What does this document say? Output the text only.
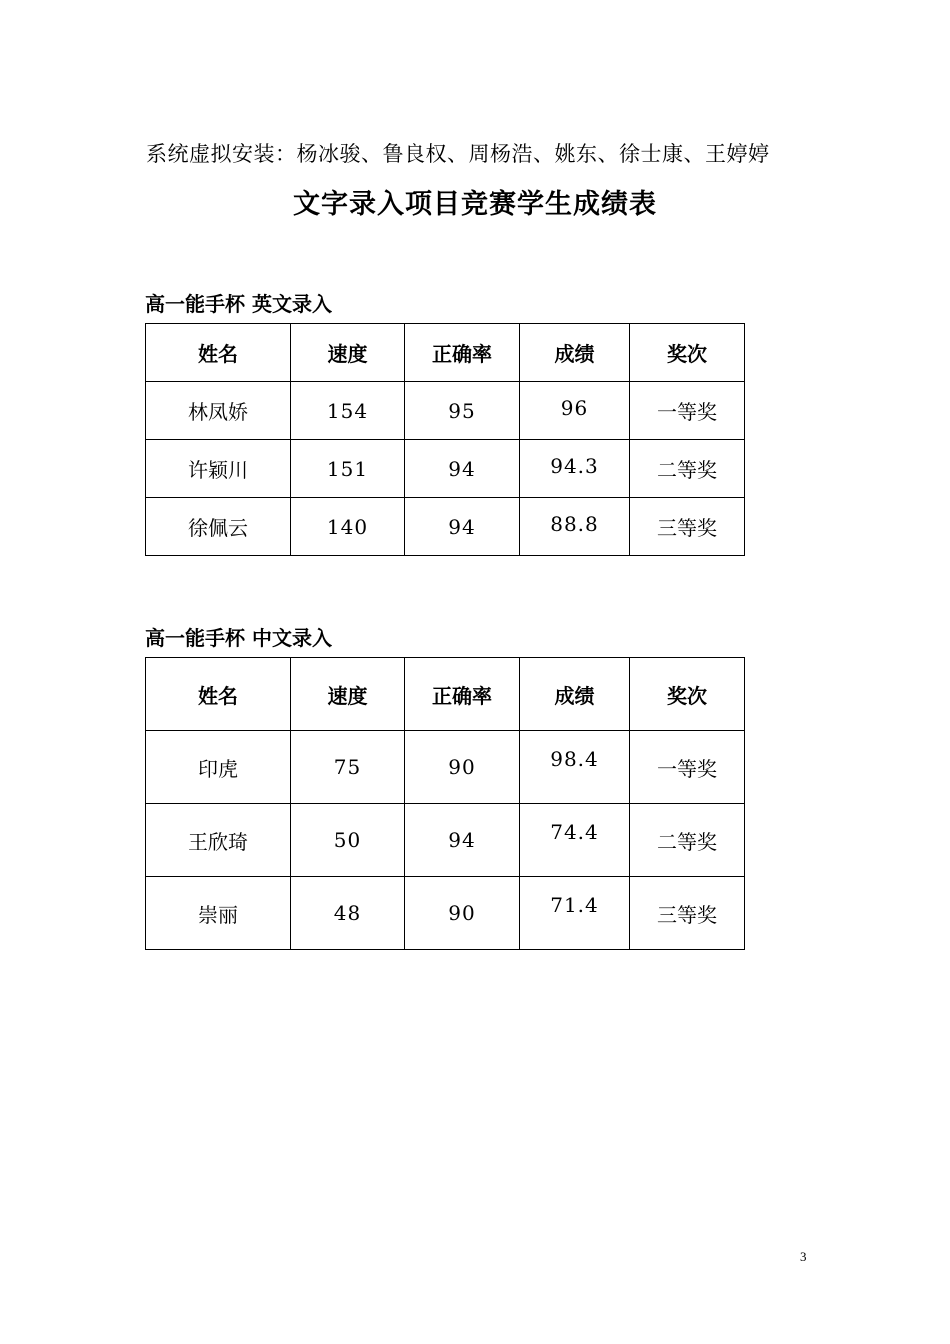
系统虚拟安装：杨冰骏、鲁良权、周杨浩、姚东、徐士康、王婷婷
文字录入项目竞赛学生成绩表
高一能手杯 英文录入
姓名	速度	正确率	成绩	奖次
林凤娇	154	95	96	一等奖
许颖川	151	94	94.3	二等奖
徐佩云	140	94	88.8	三等奖
高一能手杯 中文录入
姓名	速度	正确率	成绩	奖次
印虎	75	90	98.4	一等奖
王欣琦	50	94	74.4	二等奖
崇丽	48	90	71.4	三等奖
3
